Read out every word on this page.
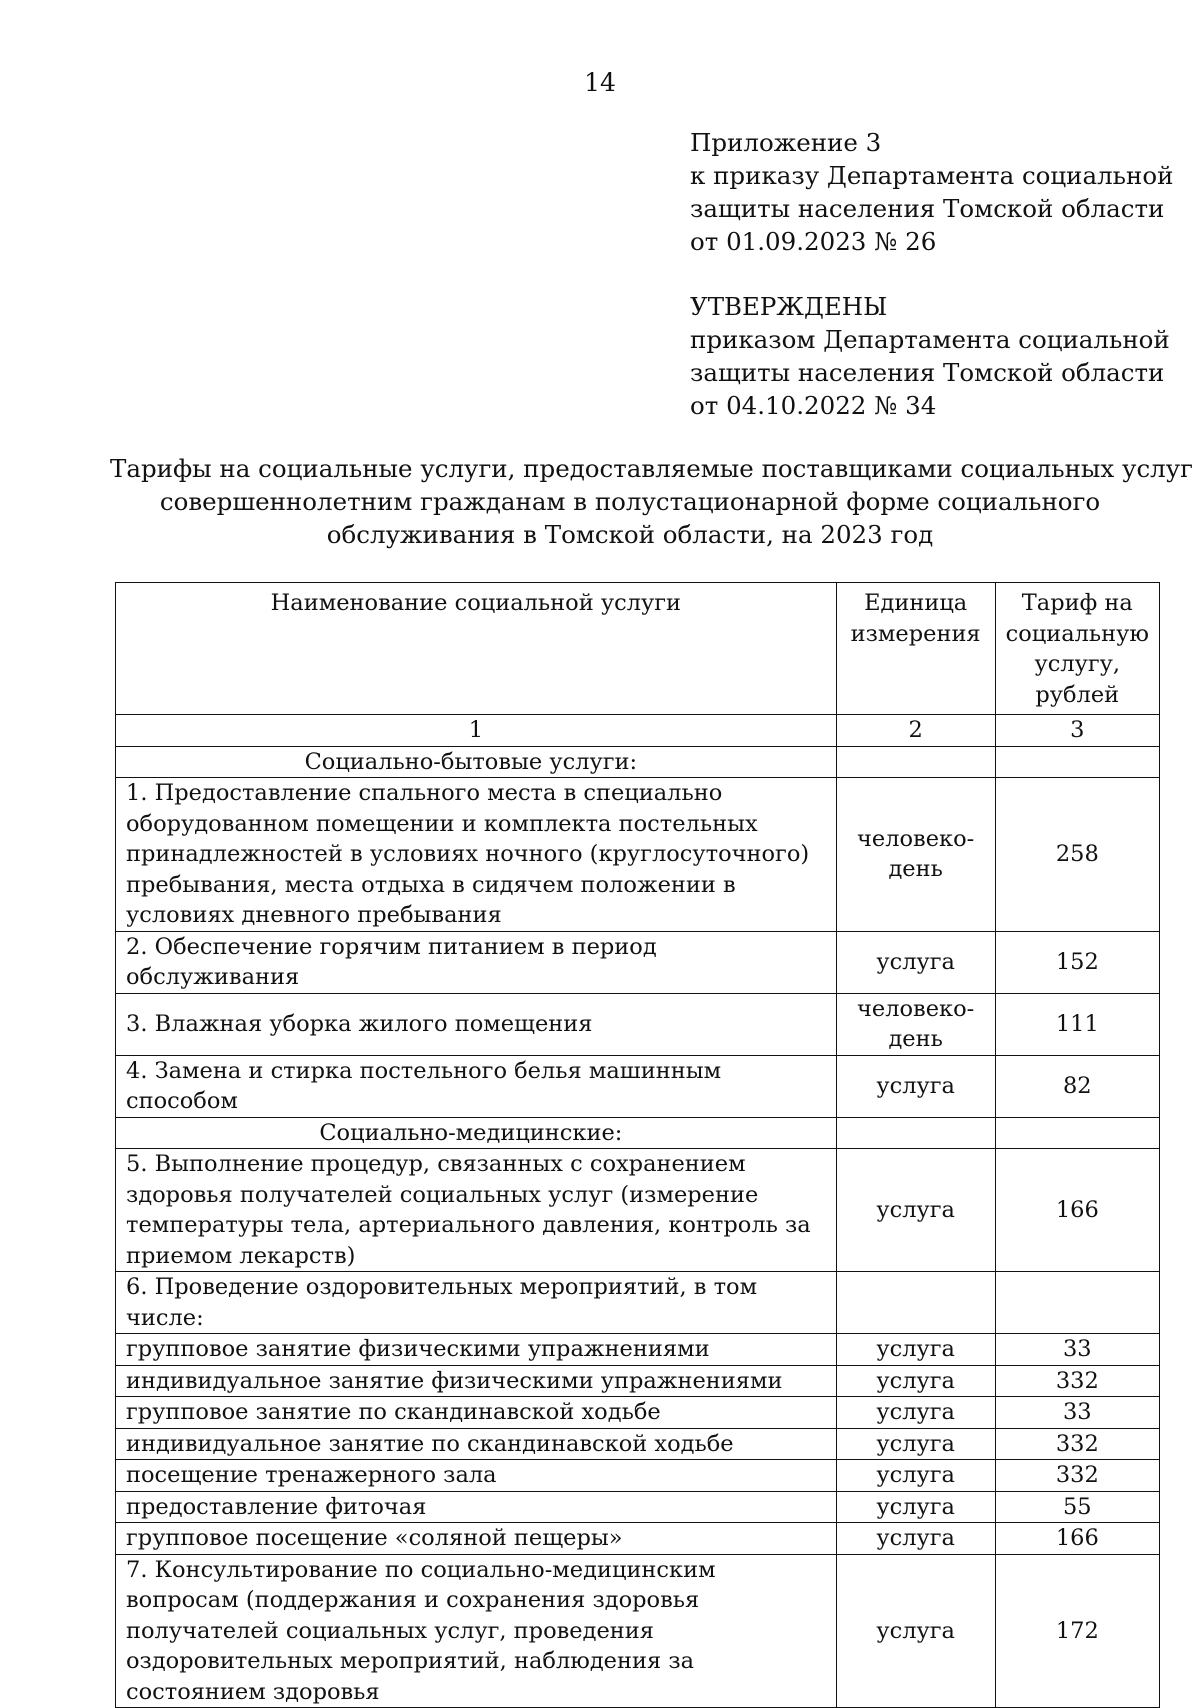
14
Приложение 3
к приказу Департамента социальной
защиты населения Томской области
от 01.09.2023 № 26
УТВЕРЖДЕНЫ
приказом Департамента социальной
защиты населения Томской области
от 04.10.2022 № 34
Тарифы на социальные услуги, предоставляемые поставщиками социальных услуг
совершеннолетним гражданам в полустационарной форме социального
обслуживания в Томской области, на 2023 год
Наименование социальной услуги	Единица измерения	Тариф на социальную услугу, рублей
1	2	3
Социально-бытовые услуги:		
1. Предоставление спального места в специально оборудованном помещении и комплекта постельных принадлежностей в условиях ночного (круглосуточного) пребывания, места отдыха в сидячем положении в условиях дневного пребывания	человеко-день	258
2. Обеспечение горячим питанием в период обслуживания	услуга	152
3. Влажная уборка жилого помещения	человеко-день	111
4. Замена и стирка постельного белья машинным способом	услуга	82
Социально-медицинские:		
5. Выполнение процедур, связанных с сохранением здоровья получателей социальных услуг (измерение температуры тела, артериального давления, контроль за приемом лекарств)	услуга	166
6. Проведение оздоровительных мероприятий, в том числе:		
групповое занятие физическими упражнениями	услуга	33
индивидуальное занятие физическими упражнениями	услуга	332
групповое занятие по скандинавской ходьбе	услуга	33
индивидуальное занятие по скандинавской ходьбе	услуга	332
посещение тренажерного зала	услуга	332
предоставление фиточая	услуга	55
групповое посещение «соляной пещеры»	услуга	166
7. Консультирование по социально-медицинским вопросам (поддержания и сохранения здоровья получателей социальных услуг, проведения оздоровительных мероприятий, наблюдения за состоянием здоровья	услуга	172
